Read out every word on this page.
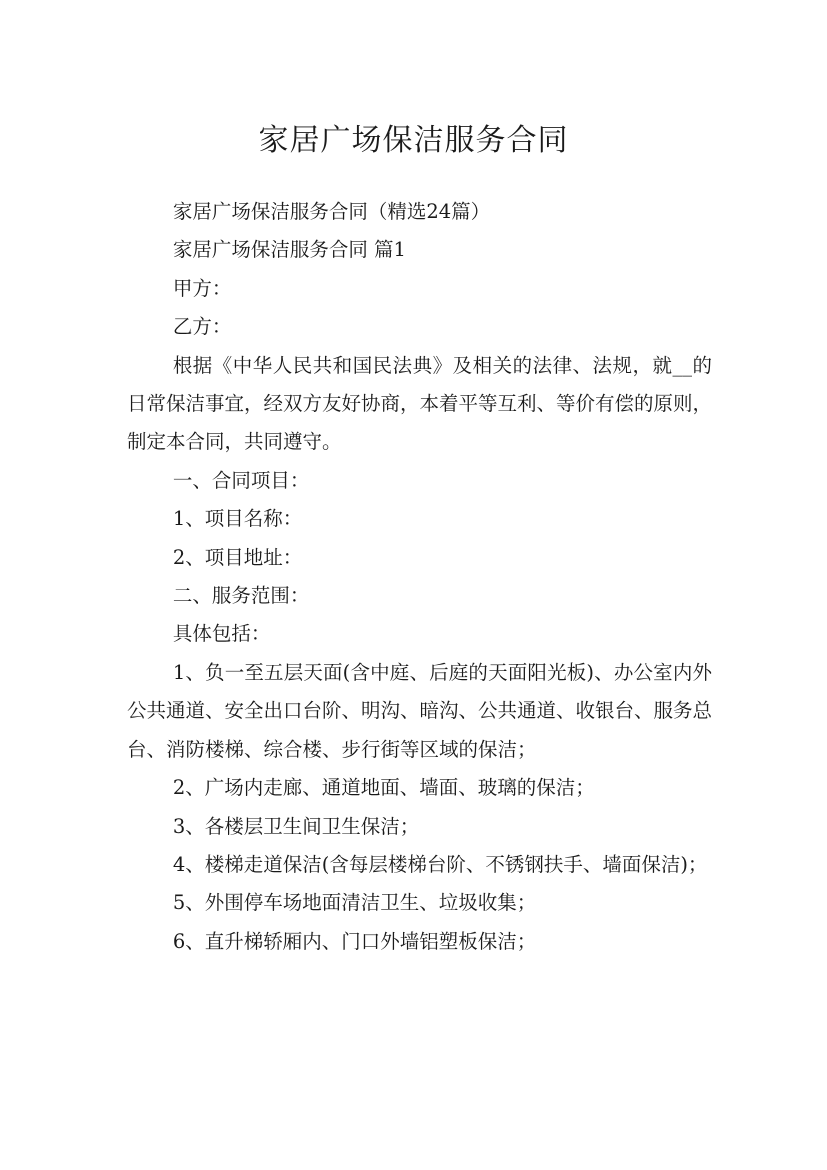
家居广场保洁服务合同

家居广场保洁服务合同（精选24篇）

家居广场保洁服务合同 篇1

甲方：

乙方：

根据《中华人民共和国民法典》及相关的法律、法规，就__的日常保洁事宜，经双方友好协商，本着平等互利、等价有偿的原则，制定本合同，共同遵守。

一、合同项目：

1、项目名称：

2、项目地址：

二、服务范围：

具体包括：

1、负一至五层天面(含中庭、后庭的天面阳光板)、办公室内外公共通道、安全出口台阶、明沟、暗沟、公共通道、收银台、服务总台、消防楼梯、综合楼、步行街等区域的保洁；

2、广场内走廊、通道地面、墙面、玻璃的保洁；

3、各楼层卫生间卫生保洁；

4、楼梯走道保洁(含每层楼梯台阶、不锈钢扶手、墙面保洁)；

5、外围停车场地面清洁卫生、垃圾收集；

6、直升梯轿厢内、门口外墙铝塑板保洁；
